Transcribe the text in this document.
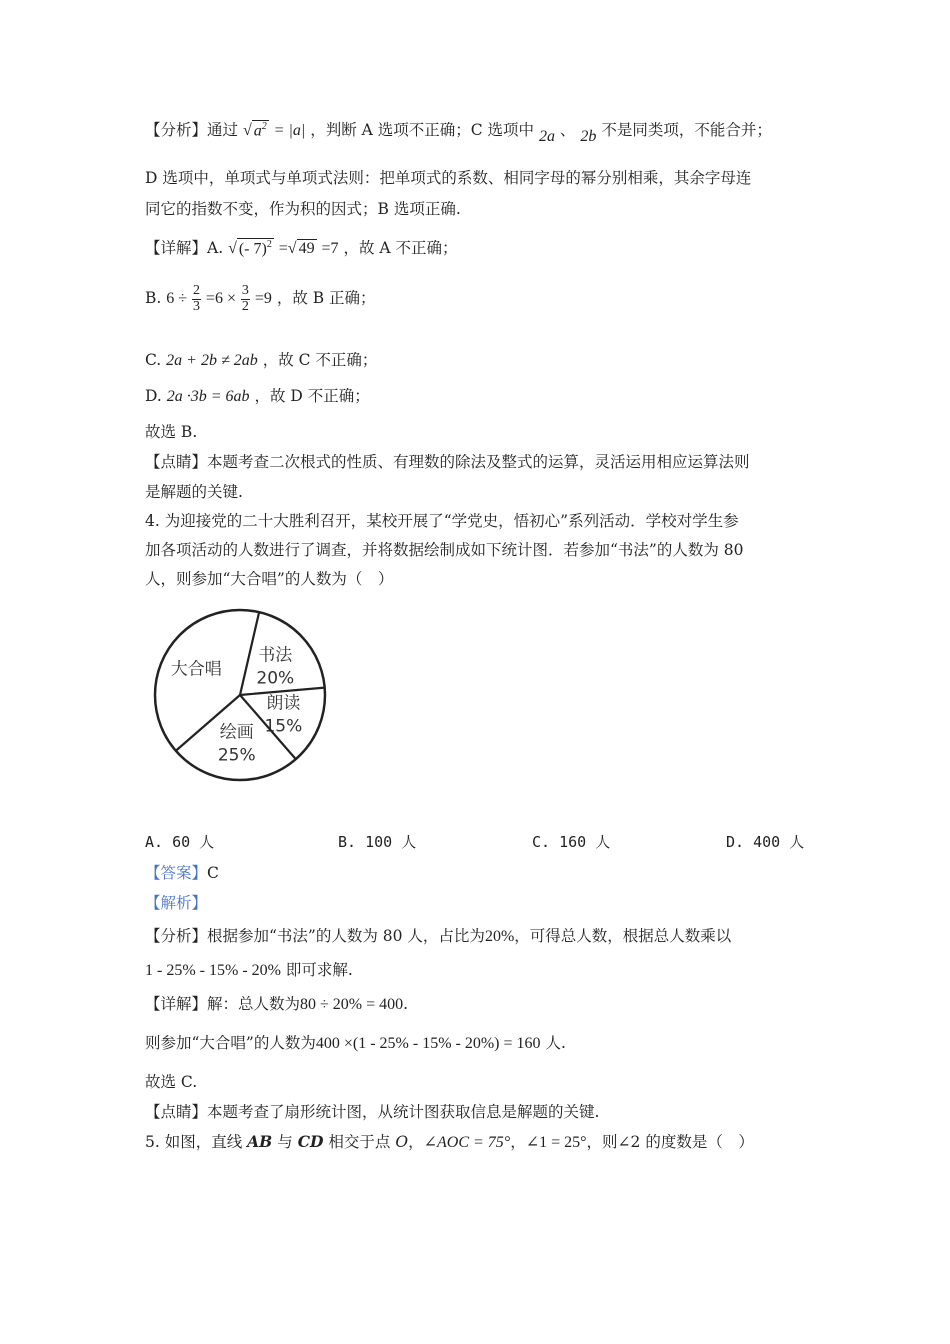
【分析】通过 √ $a^2 = |a|$ ，判断 A 选项不正确；C 选项中 2a 、 2b 不是同类项，不能合并；
D 选项中，单项式与单项式法则：把单项式的系数、相同字母的幂分别相乘，其余字母连
同它的指数不变，作为积的因式；B 选项正确.
【详解】A. √ (- 7)$^2$ =√ 49 =7 ，故 A 不正确；
B. $6 \div \frac{2}{3} =6 \times \frac{3}{2} =9$ ，故 B 正确；
C. 2a + 2b ≠ 2ab ，故 C 不正确；
D. 2a ·3b = 6ab ，故 D 不正确；
故选 B.
【点睛】本题考查二次根式的性质、有理数的除法及整式的运算，灵活运用相应运算法则
是解题的关键.
4. 为迎接党的二十大胜利召开，某校开展了“学党史，悟初心”系列活动．学校对学生参
加各项活动的人数进行了调查，并将数据绘制成如下统计图．若参加“书法”的人数为 80
人，则参加“大合唱”的人数为（　）
书法
20%
朗读
15%
绘画
25%
大合唱
A. 60 人	B. 100 人	C. 160 人	D. 400 人
【答案】C
【解析】
【分析】根据参加“书法”的人数为 80 人，占比为20%，可得总人数，根据总人数乘以
1 - 25% - 15% - 20% 即可求解.
【详解】解：总人数为80 ÷ 20% = 400.
则参加“大合唱”的人数为400 ×(1 - 25% - 15% - 20%) = 160 人.
故选 C.
【点睛】本题考查了扇形统计图，从统计图获取信息是解题的关键.
5. 如图，直线 AB 与 CD 相交于点 O，∠AOC = 75°，∠1 = 25°，则∠2 的度数是（　）
